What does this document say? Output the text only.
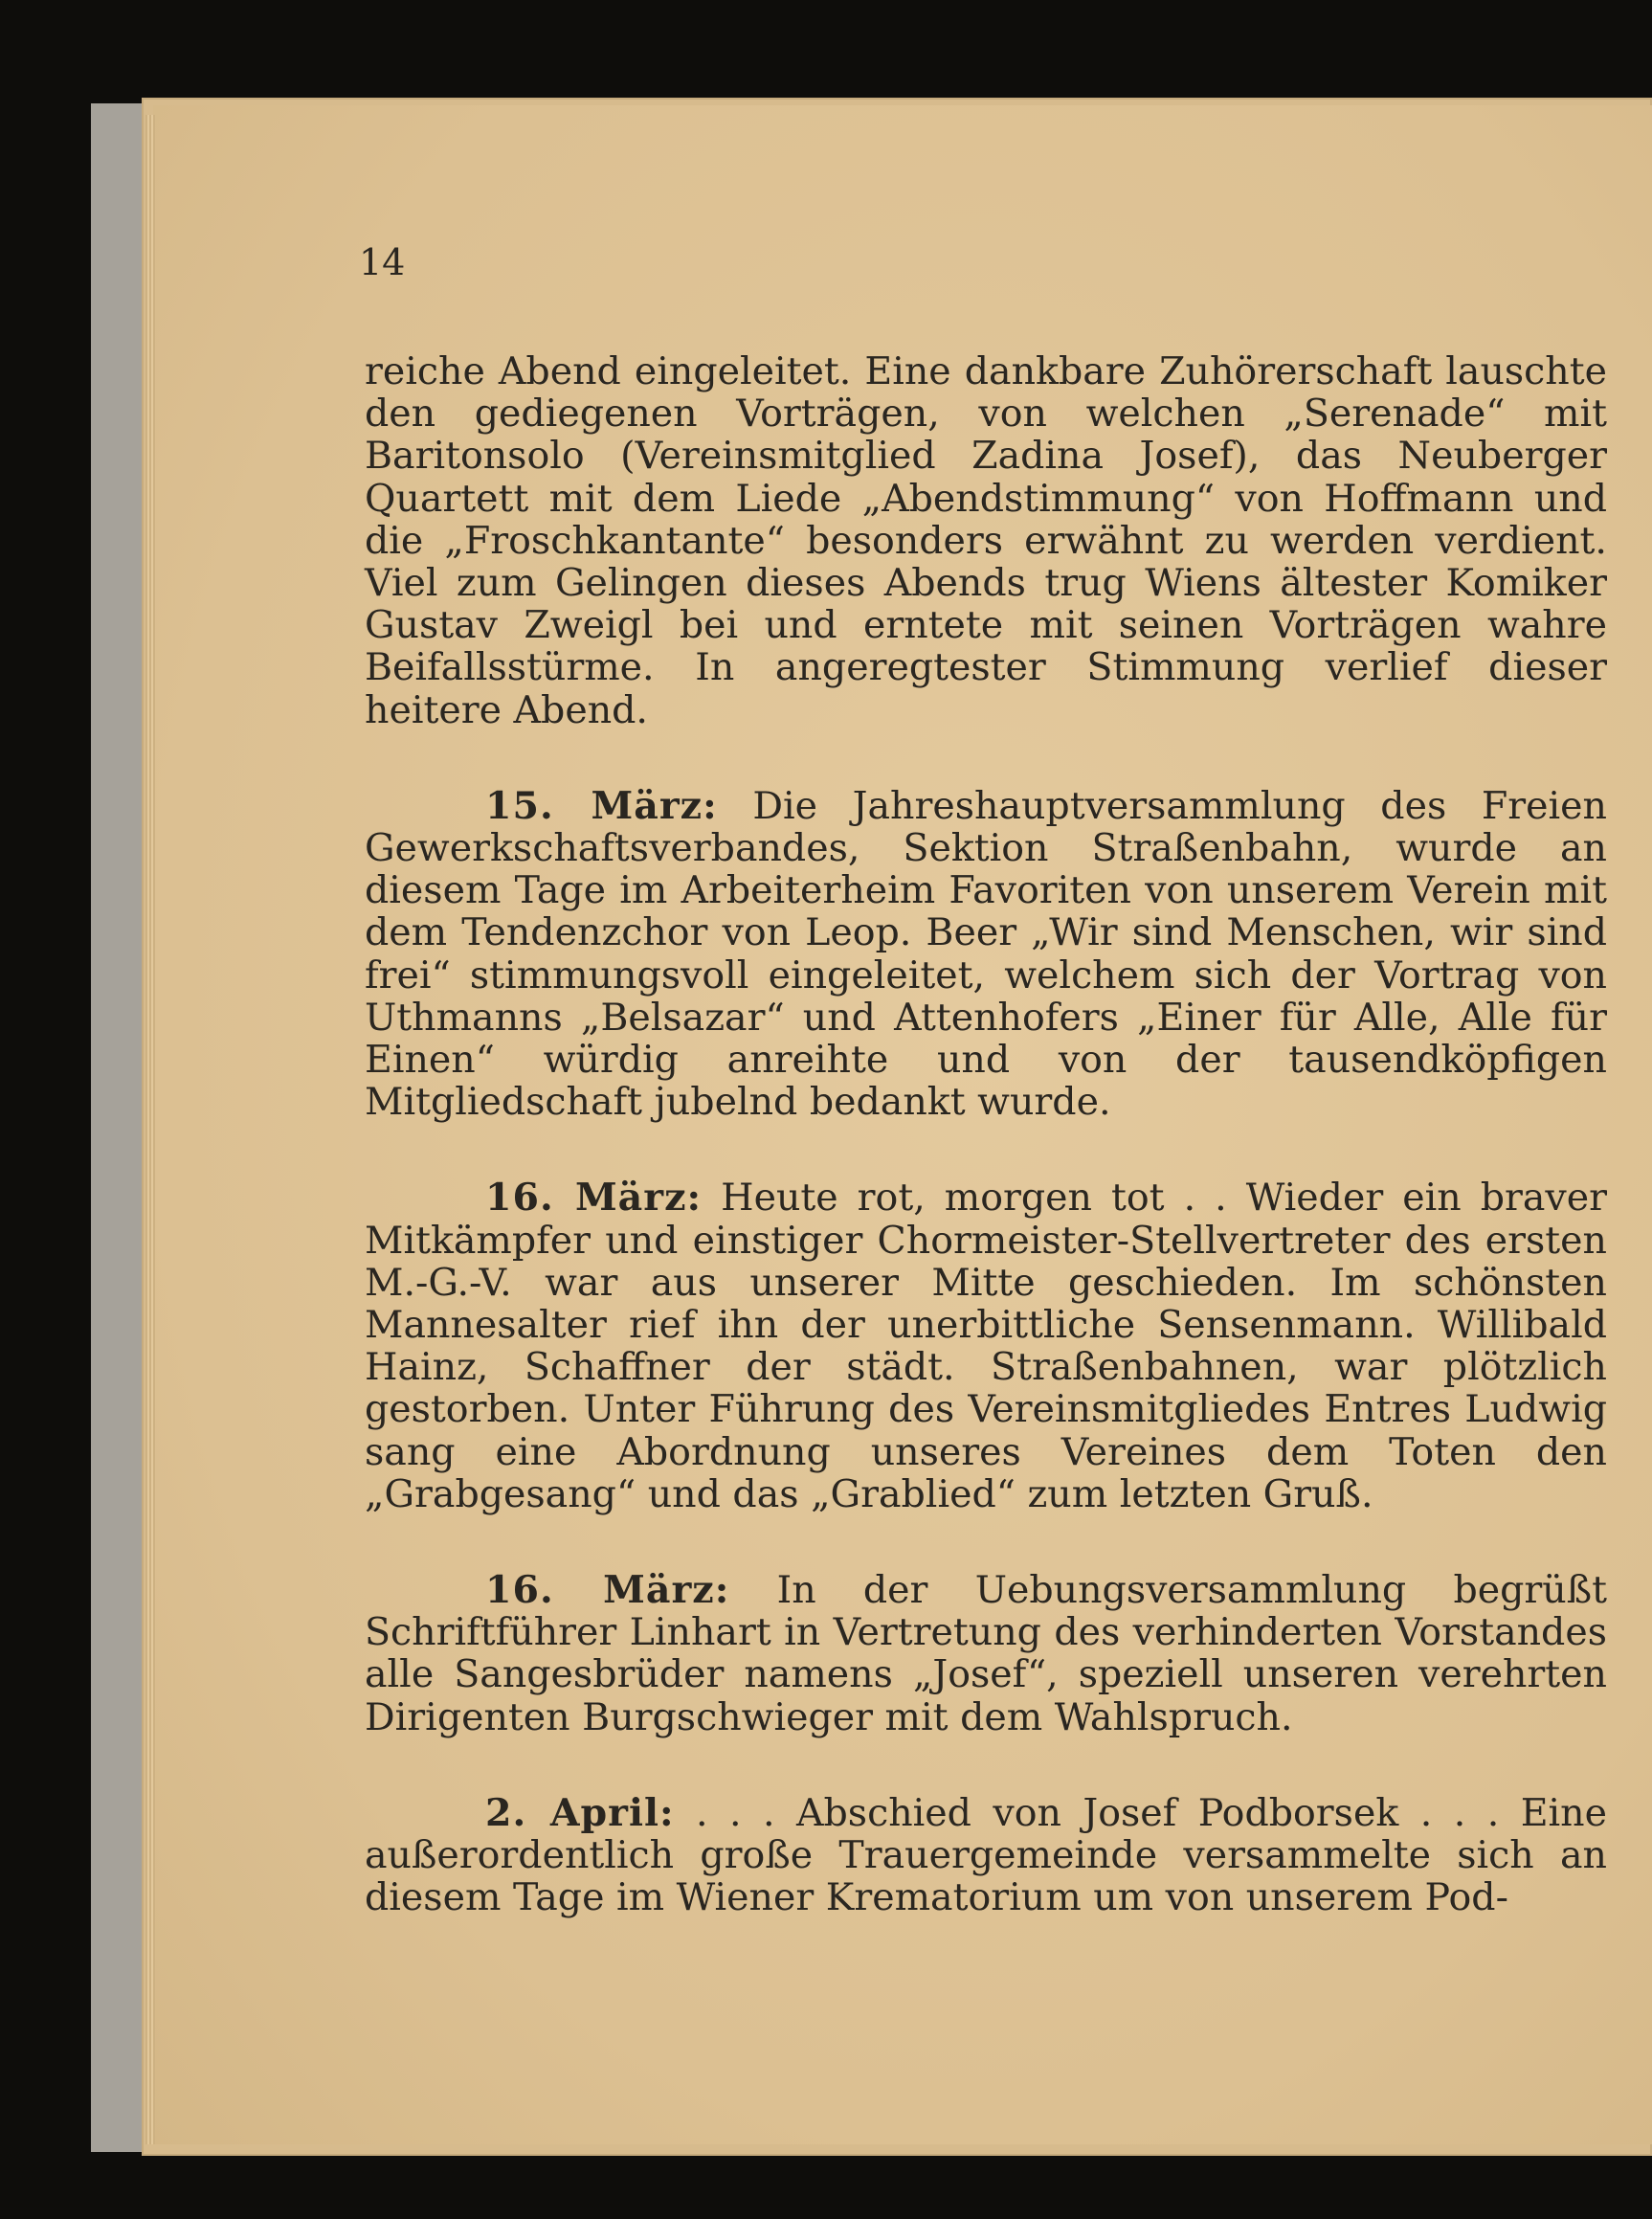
14

reiche Abend eingeleitet. Eine dankbare Zuhörerschaft lauschte den gediegenen Vorträgen, von welchen „Serenade“ mit Baritonsolo (Vereinsmitglied Zadina Josef), das Neuberger Quartett mit dem Liede „Abendstimmung“ von Hoffmann und die „Froschkantante“ besonders erwähnt zu werden verdient. Viel zum Gelingen dieses Abends trug Wiens ältester Komiker Gustav Zweigl bei und erntete mit seinen Vorträgen wahre Beifallsstürme. In angeregtester Stimmung verlief dieser heitere Abend.

15. März: Die Jahreshauptversammlung des Freien Gewerkschaftsverbandes, Sektion Straßenbahn, wurde an diesem Tage im Arbeiterheim Favoriten von unserem Verein mit dem Tendenzchor von Leop. Beer „Wir sind Menschen, wir sind frei“ stimmungsvoll eingeleitet, welchem sich der Vortrag von Uthmanns „Belsazar“ und Attenhofers „Einer für Alle, Alle für Einen“ würdig anreihte und von der tausendköpfigen Mitgliedschaft jubelnd bedankt wurde.

16. März: Heute rot, morgen tot . . Wieder ein braver Mitkämpfer und einstiger Chormeister-Stellvertreter des ersten M.-G.-V. war aus unserer Mitte geschieden. Im schönsten Mannesalter rief ihn der unerbittliche Sensenmann. Willibald Hainz, Schaffner der städt. Straßenbahnen, war plötzlich gestorben. Unter Führung des Vereinsmitgliedes Entres Ludwig sang eine Abordnung unseres Vereines dem Toten den „Grabgesang“ und das „Grablied“ zum letzten Gruß.

16. März: In der Uebungsversammlung begrüßt Schriftführer Linhart in Vertretung des verhinderten Vorstandes alle Sangesbrüder namens „Josef“, speziell unseren verehrten Dirigenten Burgschwieger mit dem Wahlspruch.

2. April: . . . Abschied von Josef Podborsek . . . Eine außerordentlich große Trauergemeinde versammelte sich an diesem Tage im Wiener Krematorium um von unserem Pod-
